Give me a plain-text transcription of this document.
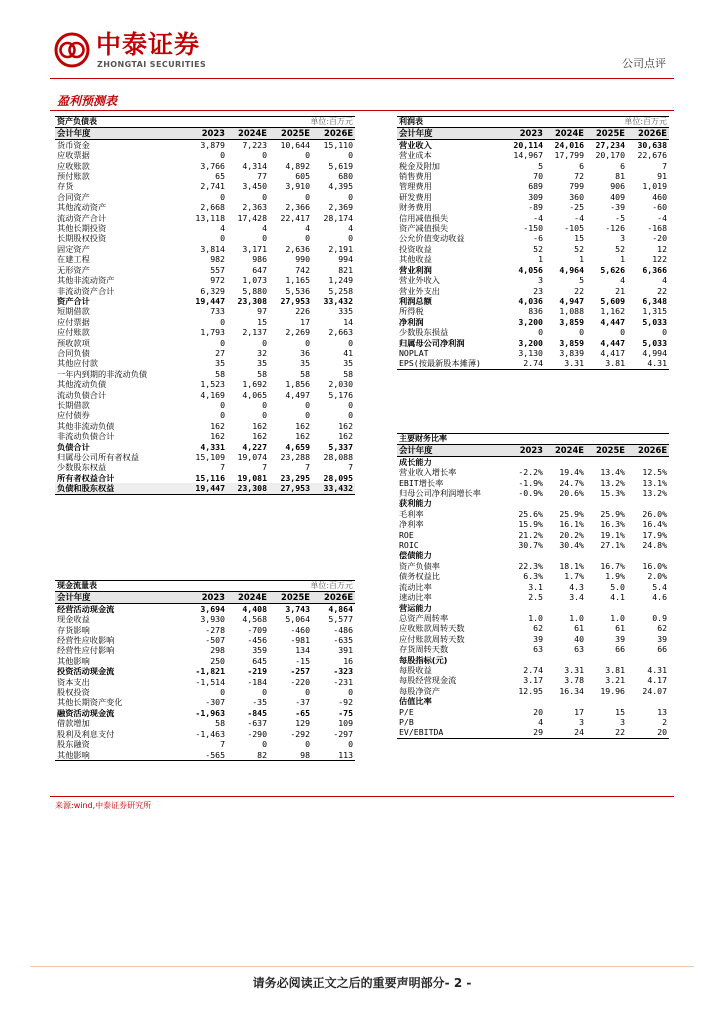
中泰证券
ZHONGTAI SECURITIES	公司点评
盈利预测表
资产负债表			单位:百万元	
会计年度	2023	2024E	2025E	2026E
货币资金	3,879	7,223	10,644	15,110
应收票据	0	0	0	0
应收账款	3,766	4,314	4,892	5,619
预付账款	65	77	605	680
存货	2,741	3,450	3,910	4,395
合同资产	0	0	0	0
其他流动资产	2,668	2,363	2,366	2,369
流动资产合计	13,118	17,428	22,417	28,174
其他长期投资	4	4	4	4
长期股权投资	0	0	0	0
固定资产	3,814	3,171	2,636	2,191
在建工程	982	986	990	994
无形资产	557	647	742	821
其他非流动资产	972	1,073	1,165	1,249
非流动资产合计	6,329	5,880	5,536	5,258
资产合计	19,447	23,308	27,953	33,432
短期借款	733	97	226	335
应付票据	0	15	17	14
应付账款	1,793	2,137	2,269	2,663
预收款项	0	0	0	0
合同负债	27	32	36	41
其他应付款	35	35	35	35
一年内到期的非流动负债	58	58	58	58
其他流动负债	1,523	1,692	1,856	2,030
流动负债合计	4,169	4,065	4,497	5,176
长期借款	0	0	0	0
应付债券	0	0	0	0
其他非流动负债	162	162	162	162
非流动负债合计	162	162	162	162
负债合计	4,331	4,227	4,659	5,337
归属母公司所有者权益	15,109	19,074	23,288	28,088
少数股东权益	7	7	7	7
所有者权益合计	15,116	19,081	23,295	28,095
负债和股东权益	19,447	23,308	27,953	33,432
现金流量表			单位:百万元	
会计年度	2023	2024E	2025E	2026E
经营活动现金流	3,694	4,408	3,743	4,864
现金收益	3,930	4,568	5,064	5,577
存货影响	-278	-709	-460	-486
经营性应收影响	-507	-456	-981	-635
经营性应付影响	298	359	134	391
其他影响	250	645	-15	16
投资活动现金流	-1,821	-219	-257	-323
资本支出	-1,514	-184	-220	-231
股权投资	0	0	0	0
其他长期资产变化	-307	-35	-37	-92
融资活动现金流	-1,963	-845	-65	-75
借款增加	58	-637	129	109
股利及利息支付	-1,463	-290	-292	-297
股东融资	7	0	0	0
其他影响	-565	82	98	113
利润表			单位:百万元	
会计年度	2023	2024E	2025E	2026E
营业收入	20,114	24,016	27,234	30,638
营业成本	14,967	17,799	20,170	22,676
税金及附加	5	6	6	7
销售费用	70	72	81	91
管理费用	689	799	906	1,019
研发费用	309	360	409	460
财务费用	-89	-25	-39	-60
信用减值损失	-4	-4	-5	-4
资产减值损失	-150	-105	-126	-168
公允价值变动收益	-6	15	3	-20
投资收益	52	52	52	12
其他收益	1	1	1	122
营业利润	4,056	4,964	5,626	6,366
营业外收入	3	5	4	4
营业外支出	23	22	21	22
利润总额	4,036	4,947	5,609	6,348
所得税	836	1,088	1,162	1,315
净利润	3,200	3,859	4,447	5,033
少数股东损益	0	0	0	0
归属母公司净利润	3,200	3,859	4,447	5,033
NOPLAT	3,130	3,839	4,417	4,994
EPS(按最新股本摊薄)	2.74	3.31	3.81	4.31
主要财务比率				
会计年度	2023	2024E	2025E	2026E
成长能力				
营业收入增长率	-2.2%	19.4%	13.4%	12.5%
EBIT增长率	-1.9%	24.7%	13.2%	13.1%
归母公司净利润增长率	-0.9%	20.6%	15.3%	13.2%
获利能力				
毛利率	25.6%	25.9%	25.9%	26.0%
净利率	15.9%	16.1%	16.3%	16.4%
ROE	21.2%	20.2%	19.1%	17.9%
ROIC	30.7%	30.4%	27.1%	24.8%
偿债能力				
资产负债率	22.3%	18.1%	16.7%	16.0%
债务权益比	6.3%	1.7%	1.9%	2.0%
流动比率	3.1	4.3	5.0	5.4
速动比率	2.5	3.4	4.1	4.6
营运能力				
总资产周转率	1.0	1.0	1.0	0.9
应收账款周转天数	62	61	61	62
应付账款周转天数	39	40	39	39
存货周转天数	63	63	66	66
每股指标(元)				
每股收益	2.74	3.31	3.81	4.31
每股经营现金流	3.17	3.78	3.21	4.17
每股净资产	12.95	16.34	19.96	24.07
估值比率				
P/E	20	17	15	13
P/B	4	3	3	2
EV/EBITDA	29	24	22	20
来源:wind,中泰证券研究所
请务必阅读正文之后的重要声明部分- 2 -
